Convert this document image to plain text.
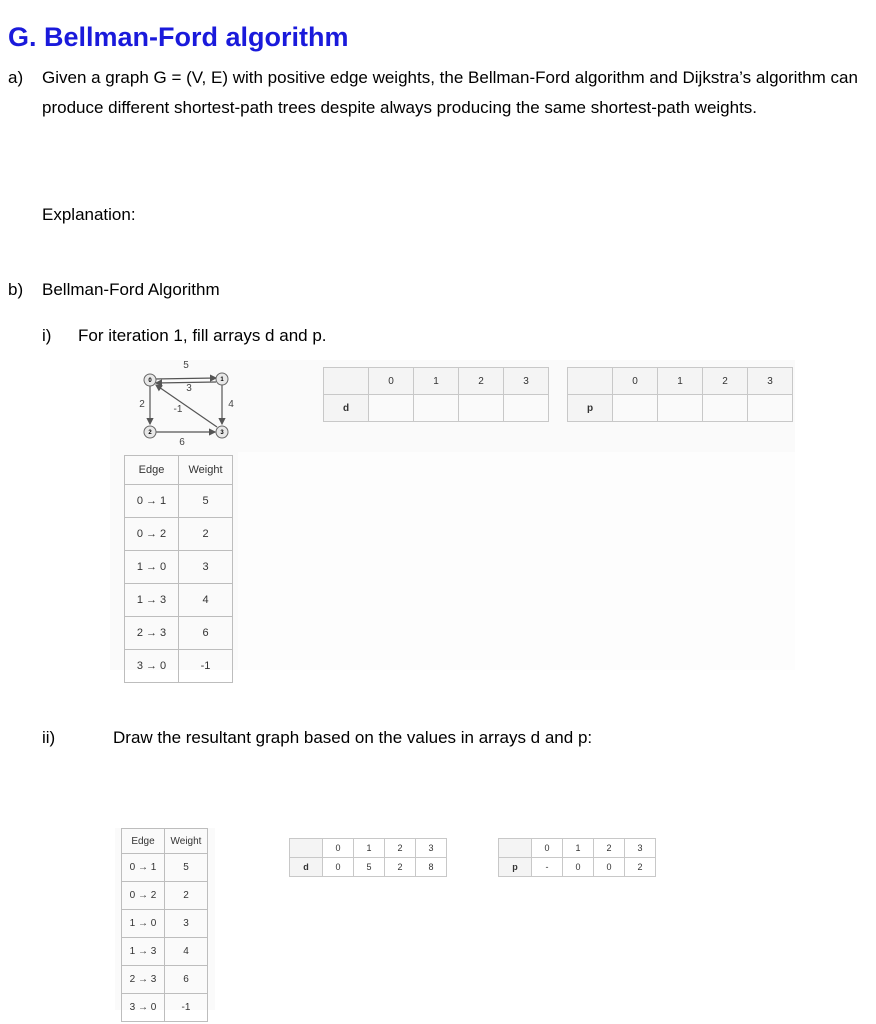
G. Bellman-Ford algorithm
a) Given a graph G = (V, E) with positive edge weights, the Bellman-Ford algorithm and Dijkstra’s algorithm can produce different shortest-path trees despite always producing the same shortest-path weights.
Explanation:
b) Bellman-Ford Algorithm
i) For iteration 1, fill arrays d and p.
ii)	Draw the resultant graph based on the values in arrays d and p:
0	1
2	3
5
3
2	-1	4
6
Edge	Weight
0 → 1	5
0 → 2	2
1 → 0	3
1 → 3	4
2 → 3	6
3 → 0	-1
	0	1	2	3
d				
	0	1	2	3
p				
Edge	Weight
0 → 1	5
0 → 2	2
1 → 0	3
1 → 3	4
2 → 3	6
3 → 0	-1
	0	1	2	3
d	0	5	2	8
	0	1	2	3
p	-	0	0	2
